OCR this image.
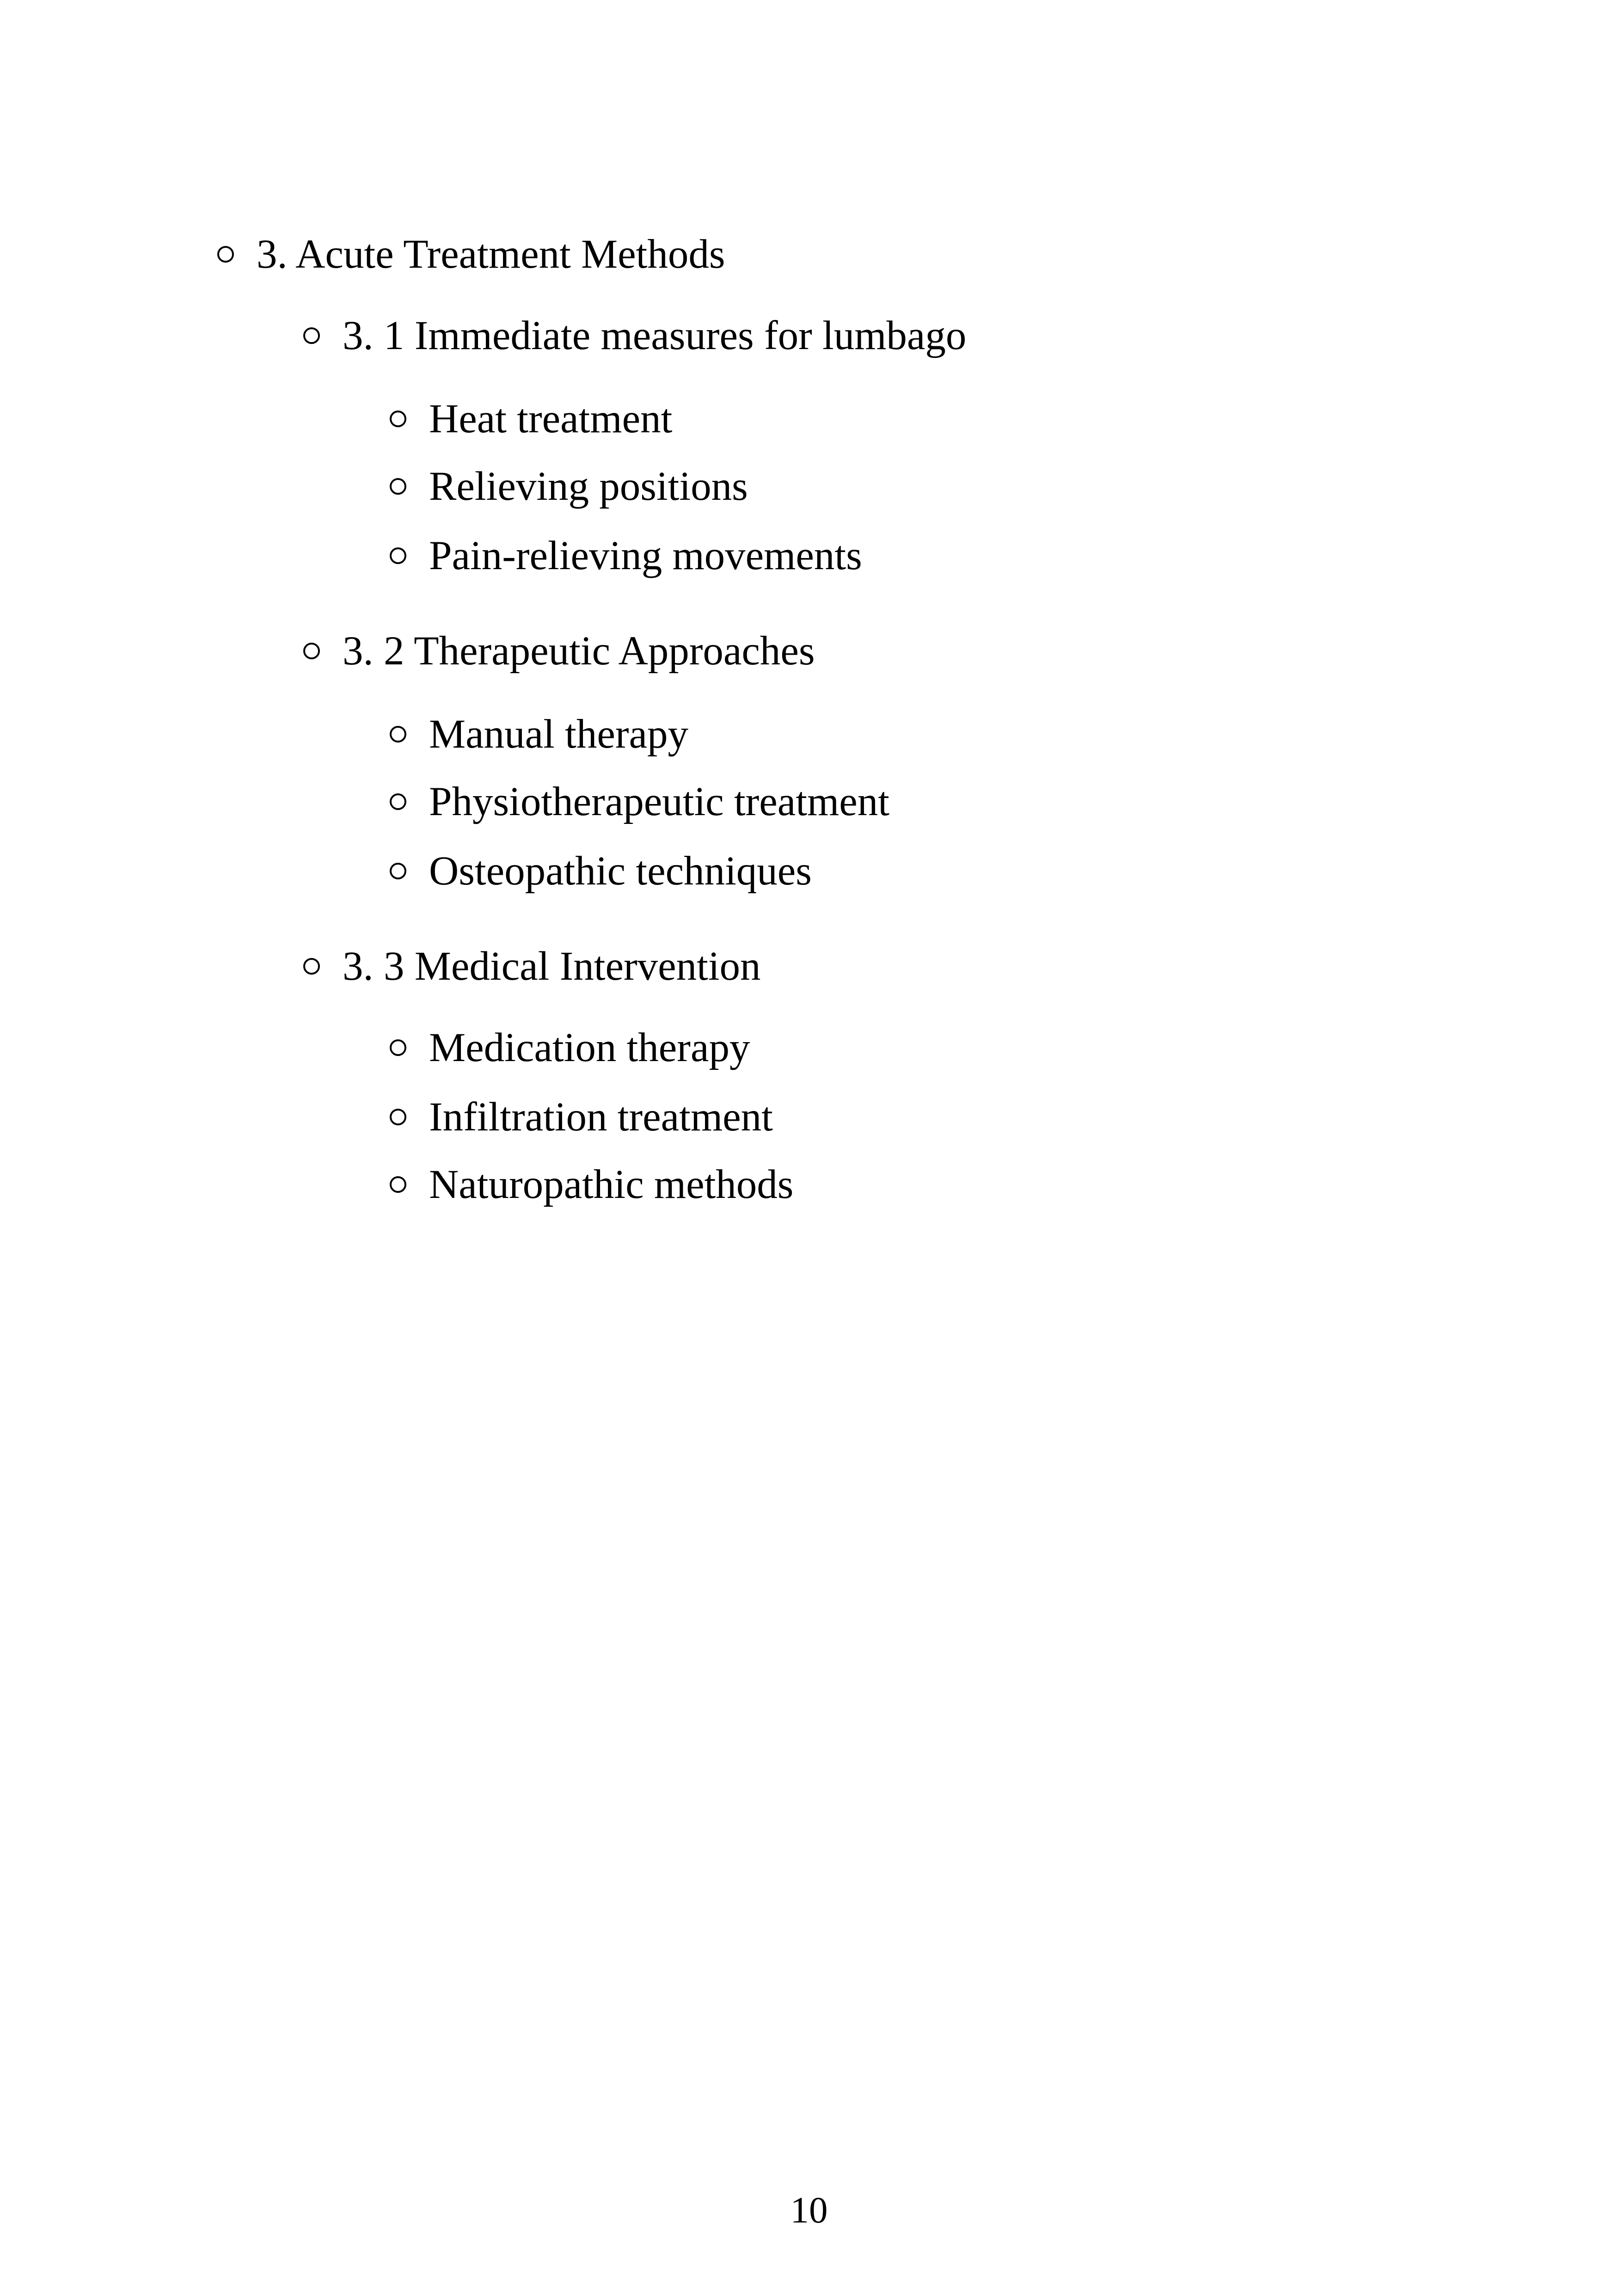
3. Acute Treatment Methods
3. 1 Immediate measures for lumbago
Heat treatment
Relieving positions
Pain-relieving movements
3. 2 Therapeutic Approaches
Manual therapy
Physiotherapeutic treatment
Osteopathic techniques
3. 3 Medical Intervention
Medication therapy
Infiltration treatment
Naturopathic methods
10
